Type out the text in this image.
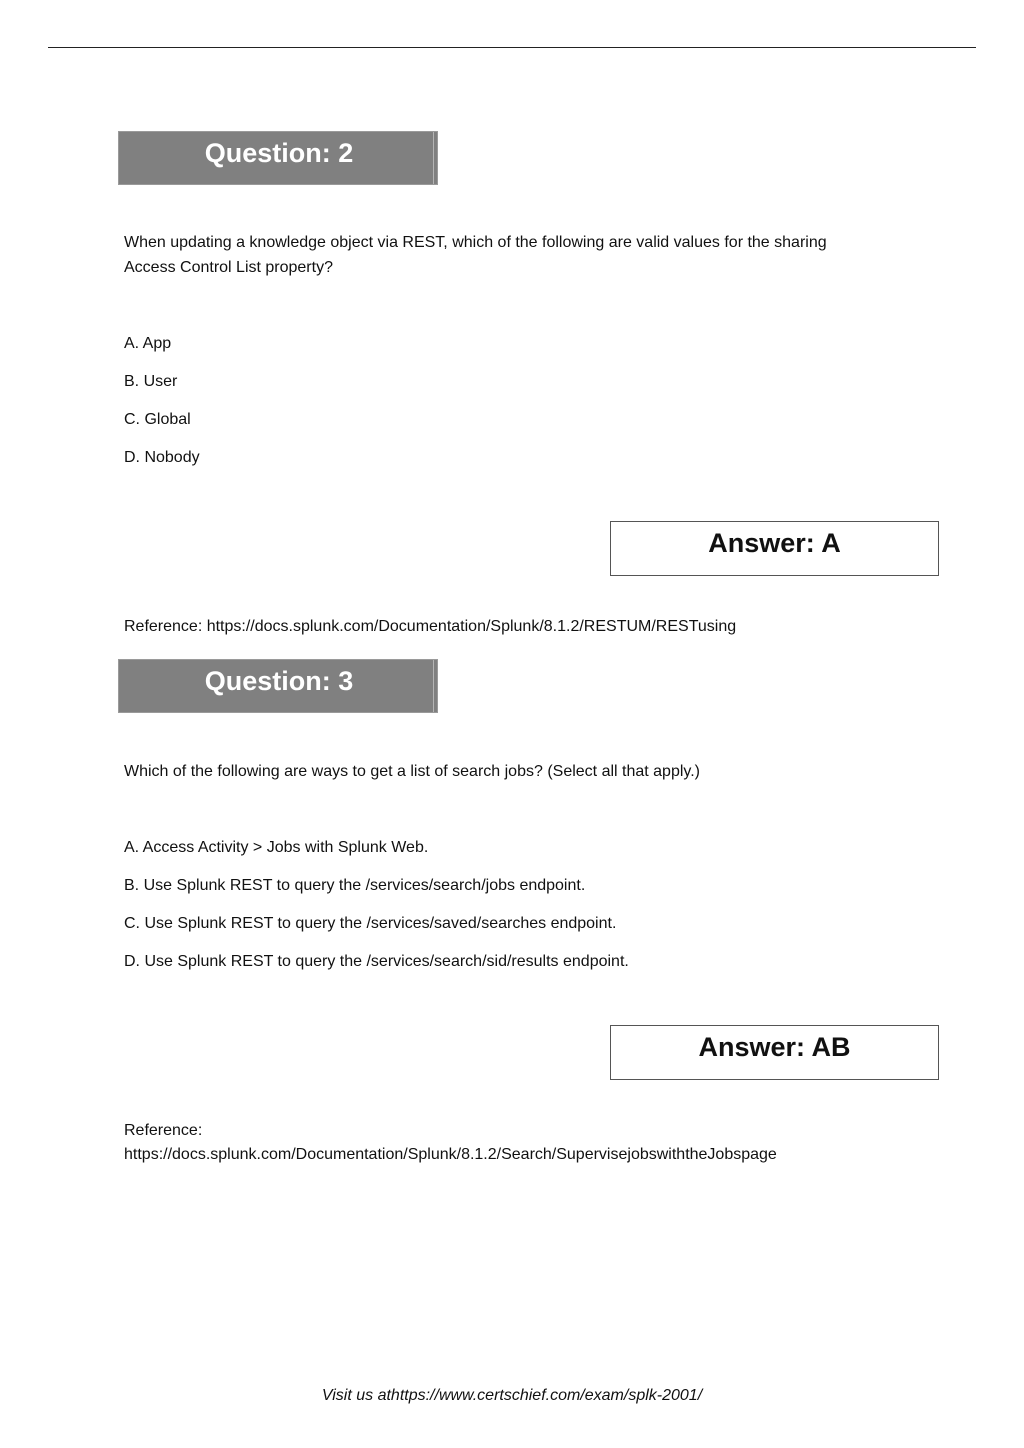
Question: 2
When updating a knowledge object via REST, which of the following are valid values for the sharing
Access Control List property?
A. App
B. User
C. Global
D. Nobody
Answer: A
Reference: https://docs.splunk.com/Documentation/Splunk/8.1.2/RESTUM/RESTusing
Question: 3
Which of the following are ways to get a list of search jobs? (Select all that apply.)
A. Access Activity > Jobs with Splunk Web.
B. Use Splunk REST to query the /services/search/jobs endpoint.
C. Use Splunk REST to query the /services/saved/searches endpoint.
D. Use Splunk REST to query the /services/search/sid/results endpoint.
Answer: AB
Reference:
https://docs.splunk.com/Documentation/Splunk/8.1.2/Search/SupervisejobswiththeJobspage
Visit us athttps://www.certschief.com/exam/splk-2001/
